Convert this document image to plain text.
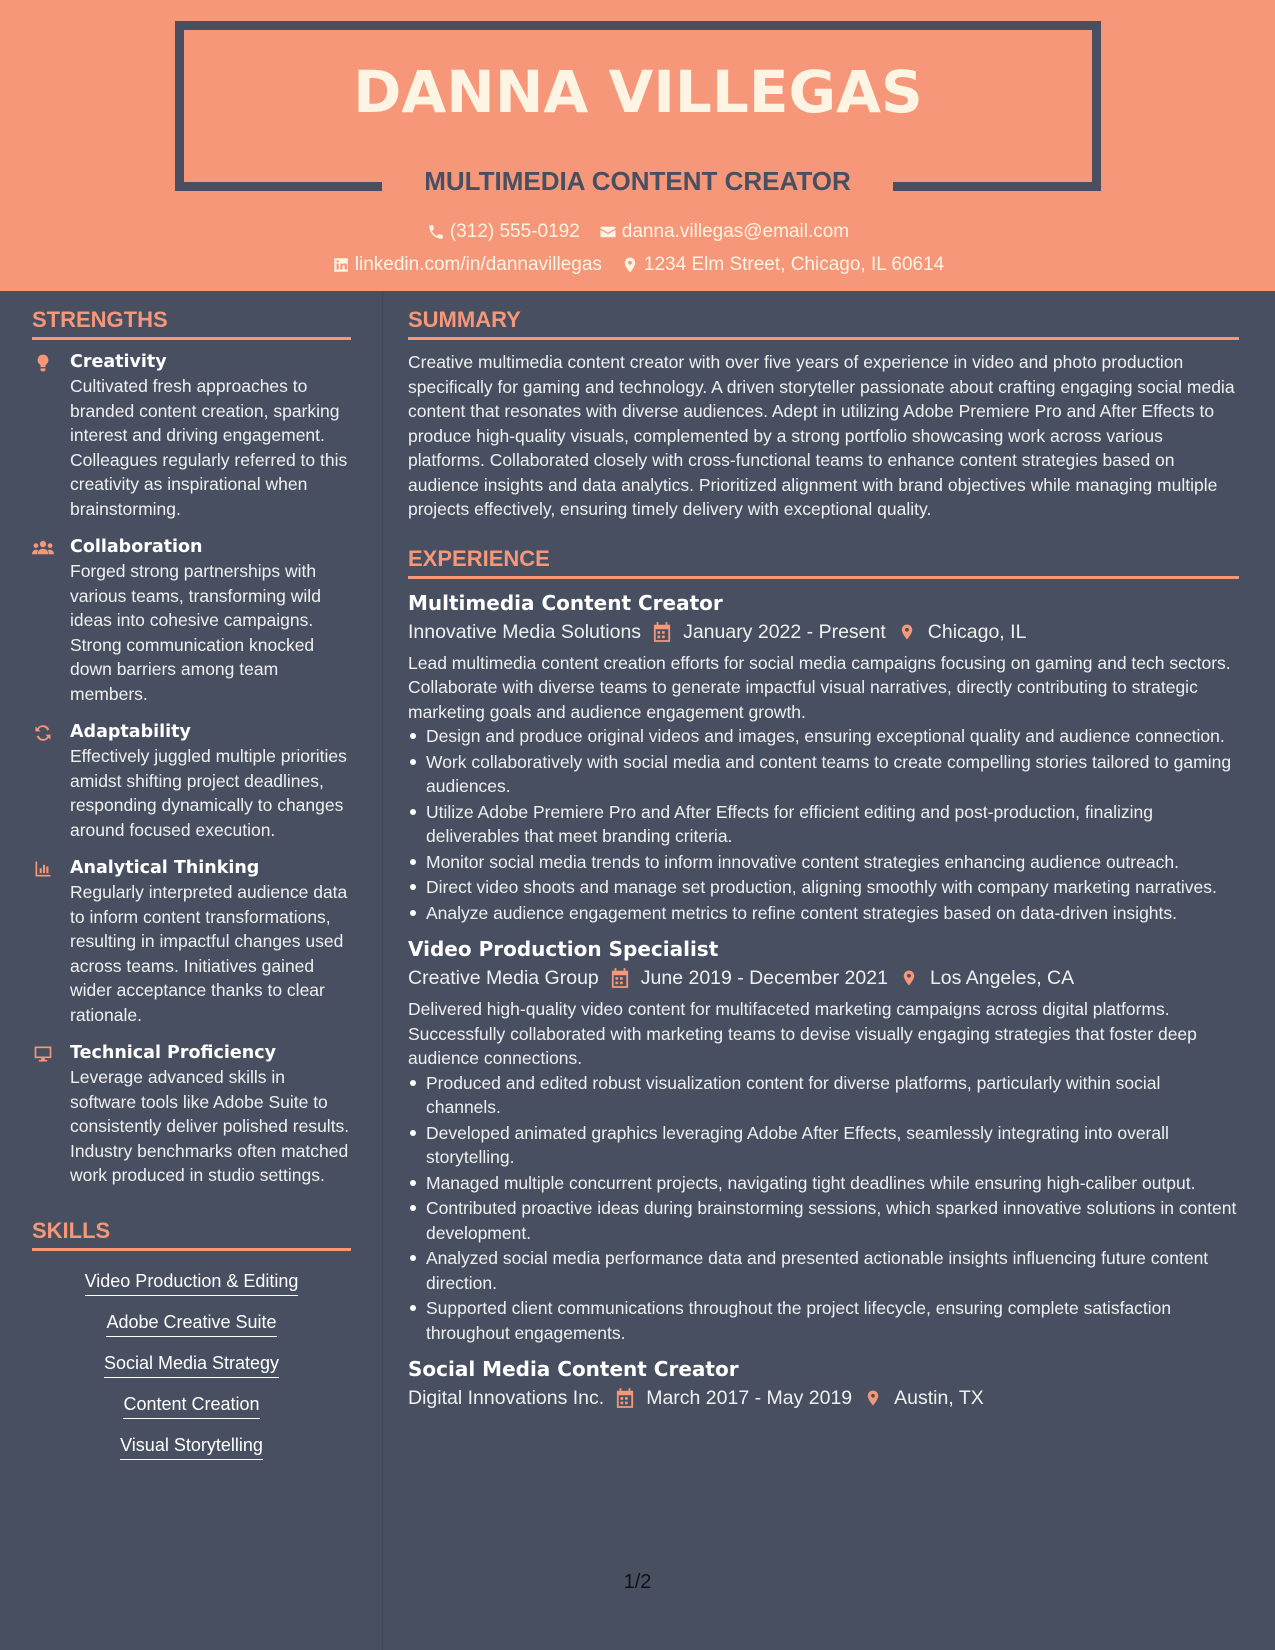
DANNA VILLEGAS
MULTIMEDIA CONTENT CREATOR
(312) 555-0192 danna.villegas@email.com
linkedin.com/in/dannavillegas 1234 Elm Street, Chicago, IL 60614
STRENGTHS
Creativity
Cultivated fresh approaches to branded content creation, sparking interest and driving engagement. Colleagues regularly referred to this creativity as inspirational when brainstorming.
Collaboration
Forged strong partnerships with various teams, transforming wild ideas into cohesive campaigns. Strong communication knocked down barriers among team members.
Adaptability
Effectively juggled multiple priorities amidst shifting project deadlines, responding dynamically to changes around focused execution.
Analytical Thinking
Regularly interpreted audience data to inform content transformations, resulting in impactful changes used across teams. Initiatives gained wider acceptance thanks to clear rationale.
Technical Proficiency
Leverage advanced skills in software tools like Adobe Suite to consistently deliver polished results. Industry benchmarks often matched work produced in studio settings.
SKILLS
Video Production & Editing
Adobe Creative Suite
Social Media Strategy
Content Creation
Visual Storytelling
SUMMARY
Creative multimedia content creator with over five years of experience in video and photo production specifically for gaming and technology. A driven storyteller passionate about crafting engaging social media content that resonates with diverse audiences. Adept in utilizing Adobe Premiere Pro and After Effects to produce high-quality visuals, complemented by a strong portfolio showcasing work across various platforms. Collaborated closely with cross-functional teams to enhance content strategies based on audience insights and data analytics. Prioritized alignment with brand objectives while managing multiple projects effectively, ensuring timely delivery with exceptional quality.
EXPERIENCE
Multimedia Content Creator
Innovative Media Solutions January 2022 - Present Chicago, IL
Lead multimedia content creation efforts for social media campaigns focusing on gaming and tech sectors. Collaborate with diverse teams to generate impactful visual narratives, directly contributing to strategic marketing goals and audience engagement growth.
Design and produce original videos and images, ensuring exceptional quality and audience connection.
Work collaboratively with social media and content teams to create compelling stories tailored to gaming audiences.
Utilize Adobe Premiere Pro and After Effects for efficient editing and post-production, finalizing deliverables that meet branding criteria.
Monitor social media trends to inform innovative content strategies enhancing audience outreach.
Direct video shoots and manage set production, aligning smoothly with company marketing narratives.
Analyze audience engagement metrics to refine content strategies based on data-driven insights.
Video Production Specialist
Creative Media Group June 2019 - December 2021 Los Angeles, CA
Delivered high-quality video content for multifaceted marketing campaigns across digital platforms. Successfully collaborated with marketing teams to devise visually engaging strategies that foster deep audience connections.
Produced and edited robust visualization content for diverse platforms, particularly within social channels.
Developed animated graphics leveraging Adobe After Effects, seamlessly integrating into overall storytelling.
Managed multiple concurrent projects, navigating tight deadlines while ensuring high-caliber output.
Contributed proactive ideas during brainstorming sessions, which sparked innovative solutions in content development.
Analyzed social media performance data and presented actionable insights influencing future content direction.
Supported client communications throughout the project lifecycle, ensuring complete satisfaction throughout engagements.
Social Media Content Creator
Digital Innovations Inc. March 2017 - May 2019 Austin, TX
1/2
